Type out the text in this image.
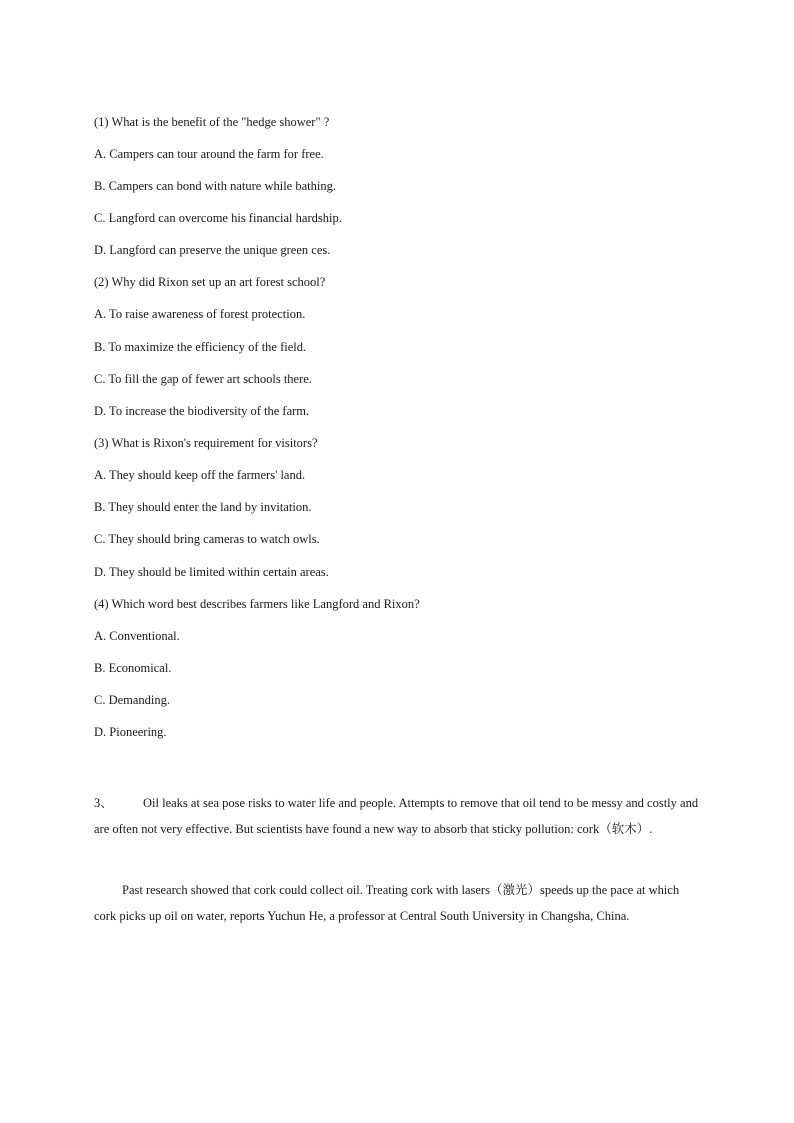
(1) What is the benefit of the "hedge shower" ?
A. Campers can tour around the farm for free.
B. Campers can bond with nature while bathing.
C. Langford can overcome his financial hardship.
D. Langford can preserve the unique green ces.
(2) Why did Rixon set up an art forest school?
A. To raise awareness of forest protection.
B. To maximize the efficiency of the field.
C. To fill the gap of fewer art schools there.
D. To increase the biodiversity of the farm.
(3) What is Rixon's requirement for visitors?
A. They should keep off the farmers' land.
B. They should enter the land by invitation.
C. They should bring cameras to watch owls.
D. They should be limited within certain areas.
(4) Which word best describes farmers like Langford and Rixon?
A. Conventional.
B. Economical.
C. Demanding.
D. Pioneering.
3、 Oil leaks at sea pose risks to water life and people. Attempts to remove that oil tend to be messy and costly and are often not very effective. But scientists have found a new way to absorb that sticky pollution: cork（软木）.
Past research showed that cork could collect oil. Treating cork with lasers（激光）speeds up the pace at which cork picks up oil on water, reports Yuchun He, a professor at Central South University in Changsha, China.
